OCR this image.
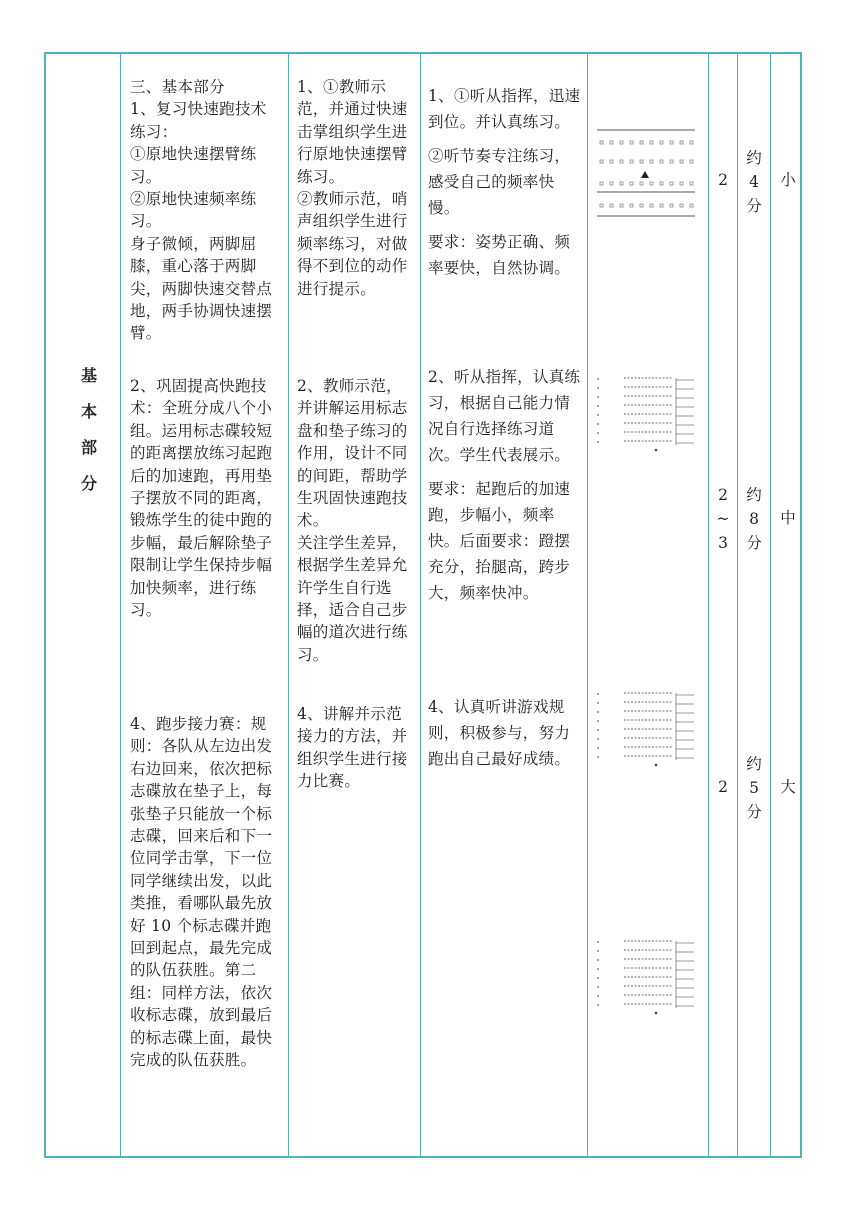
基
本
部
分

三、基本部分

1、复习快速跑技术练习：

①原地快速摆臂练习。

②原地快速频率练习。

身子微倾，两脚屈膝，重心落于两脚尖，两脚快速交替点地，两手协调快速摆臂。

2、巩固提高快跑技术：全班分成八个小组。运用标志碟较短的距离摆放练习起跑后的加速跑，再用垫子摆放不同的距离，锻炼学生的徒中跑的步幅，最后解除垫子限制让学生保持步幅加快频率，进行练习。

4、跑步接力赛：规则：各队从左边出发右边回来，依次把标志碟放在垫子上，每张垫子只能放一个标志碟，回来后和下一位同学击掌，下一位同学继续出发，以此类推，看哪队最先放好 10 个标志碟并跑回到起点，最先完成的队伍获胜。第二组：同样方法，依次收标志碟，放到最后的标志碟上面，最快完成的队伍获胜。

1、①教师示范，并通过快速击掌组织学生进行原地快速摆臂练习。

②教师示范，哨声组织学生进行频率练习，对做得不到位的动作进行提示。

2、教师示范，并讲解运用标志盘和垫子练习的作用，设计不同的间距，帮助学生巩固快速跑技术。

关注学生差异，根据学生差异允许学生自行选择，适合自己步幅的道次进行练习。

4、讲解并示范接力的方法，并组织学生进行接力比赛。

1、①听从指挥，迅速到位。并认真练习。

②听节奏专注练习，感受自己的频率快慢。

要求：姿势正确、频率要快，自然协调。

2、听从指挥，认真练习，根据自己能力情况自行选择练习道次。学生代表展示。

要求：起跑后的加速跑，步幅小，频率快。后面要求：蹬摆充分，抬腿高，跨步大，频率快冲。

4、认真听讲游戏规则，积极参与，努力跑出自己最好成绩。

2
2
~
3
2
约
4
分
约
8
分
约
5
分
小
中
大
